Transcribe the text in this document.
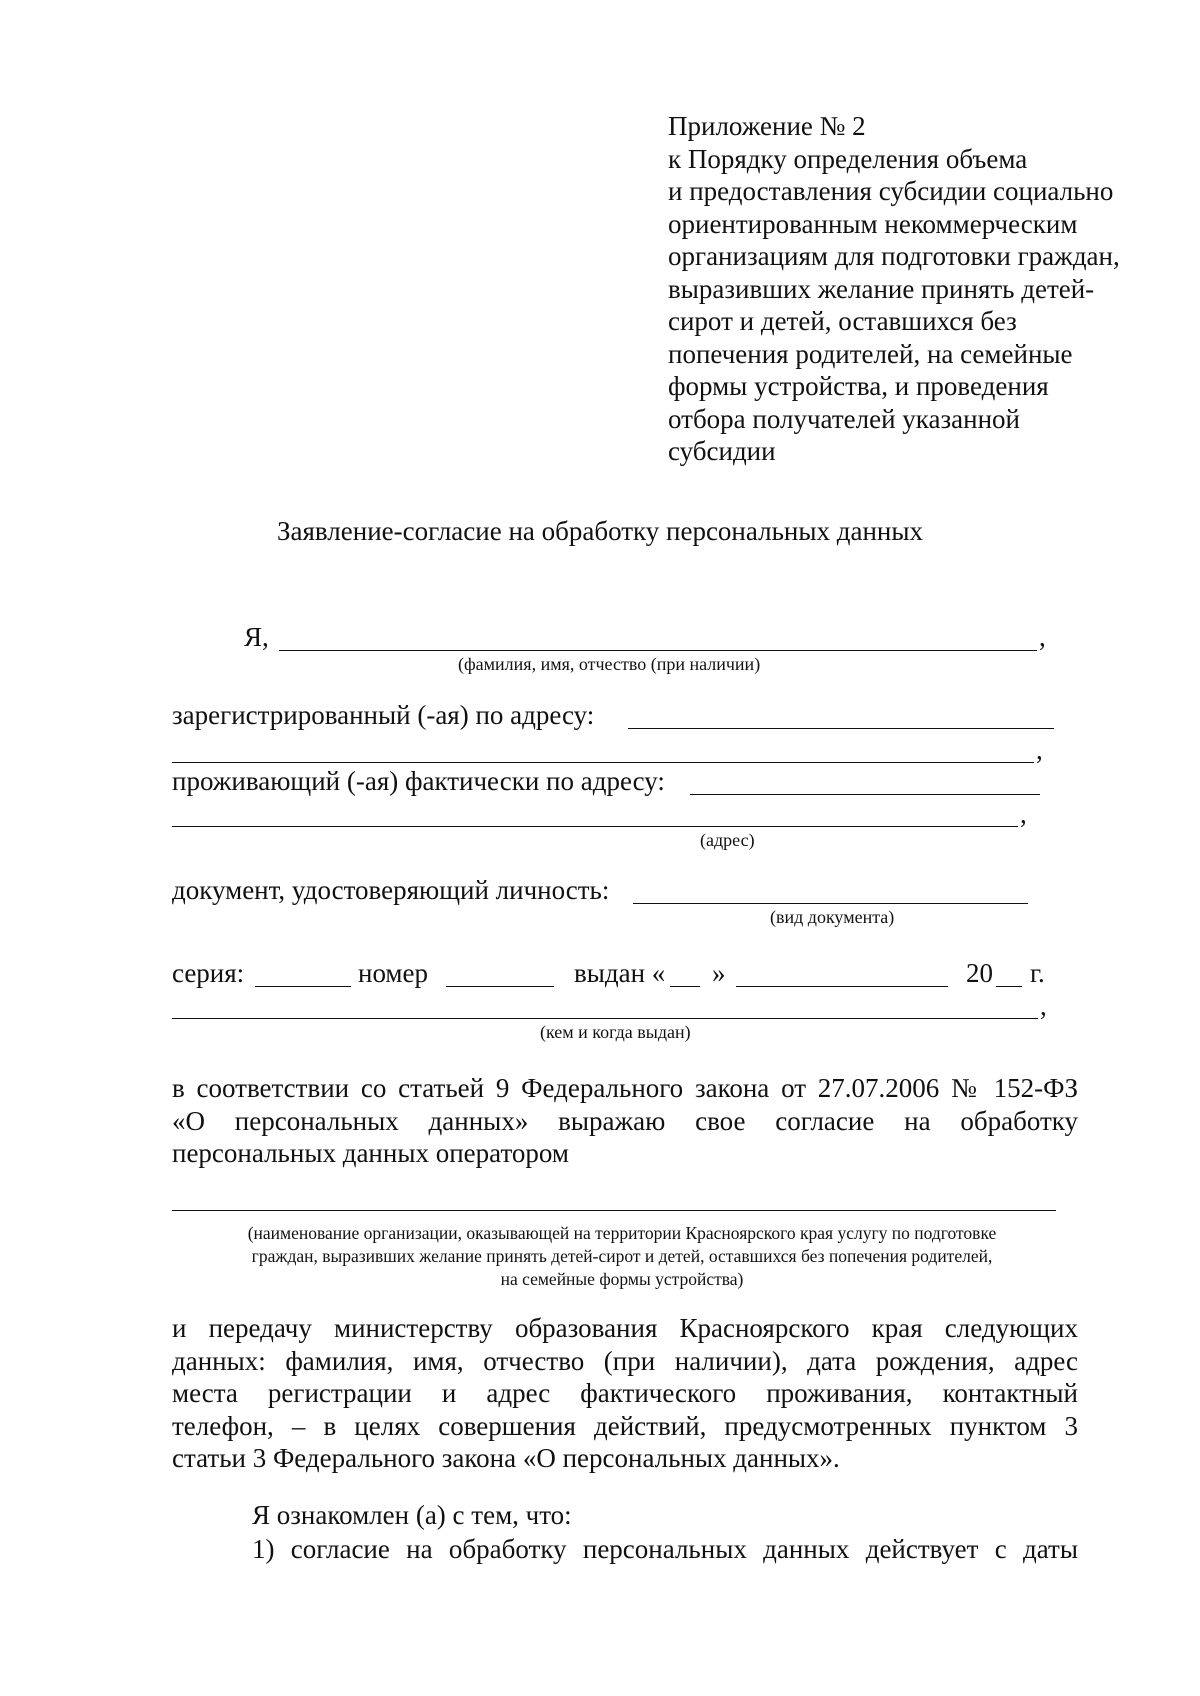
Приложение № 2
к Порядку определения объема
и предоставления субсидии социально
ориентированным некоммерческим
организациям для подготовки граждан,
выразивших желание принять детей-
сирот и детей, оставшихся без
попечения родителей, на семейные
формы устройства, и проведения
отбора получателей указанной
субсидии
Заявление-согласие на обработку персональных данных
Я,	,
(фамилия, имя, отчество (при наличии)
зарегистрированный (-ая) по адресу:
,
проживающий (-ая) фактически по адресу:
,
(адрес)
документ, удостоверяющий личность:
(вид документа)
серия:	номер	выдан « »	20 г.
,
(кем и когда выдан)
в соответствии со статьей 9 Федерального закона от 27.07.2006 № 152-ФЗ
«О персональных данных» выражаю свое согласие на обработку
персональных данных оператором
(наименование организации, оказывающей на территории Красноярского края услугу по подготовке
граждан, выразивших желание принять детей-сирот и детей, оставшихся без попечения родителей,
на семейные формы устройства)
и передачу министерству образования Красноярского края следующих
данных: фамилия, имя, отчество (при наличии), дата рождения, адрес
места регистрации и адрес фактического проживания, контактный
телефон, – в целях совершения действий, предусмотренных пунктом 3
статьи 3 Федерального закона «О персональных данных».
Я ознакомлен (а) с тем, что:
1) согласие на обработку персональных данных действует с даты
